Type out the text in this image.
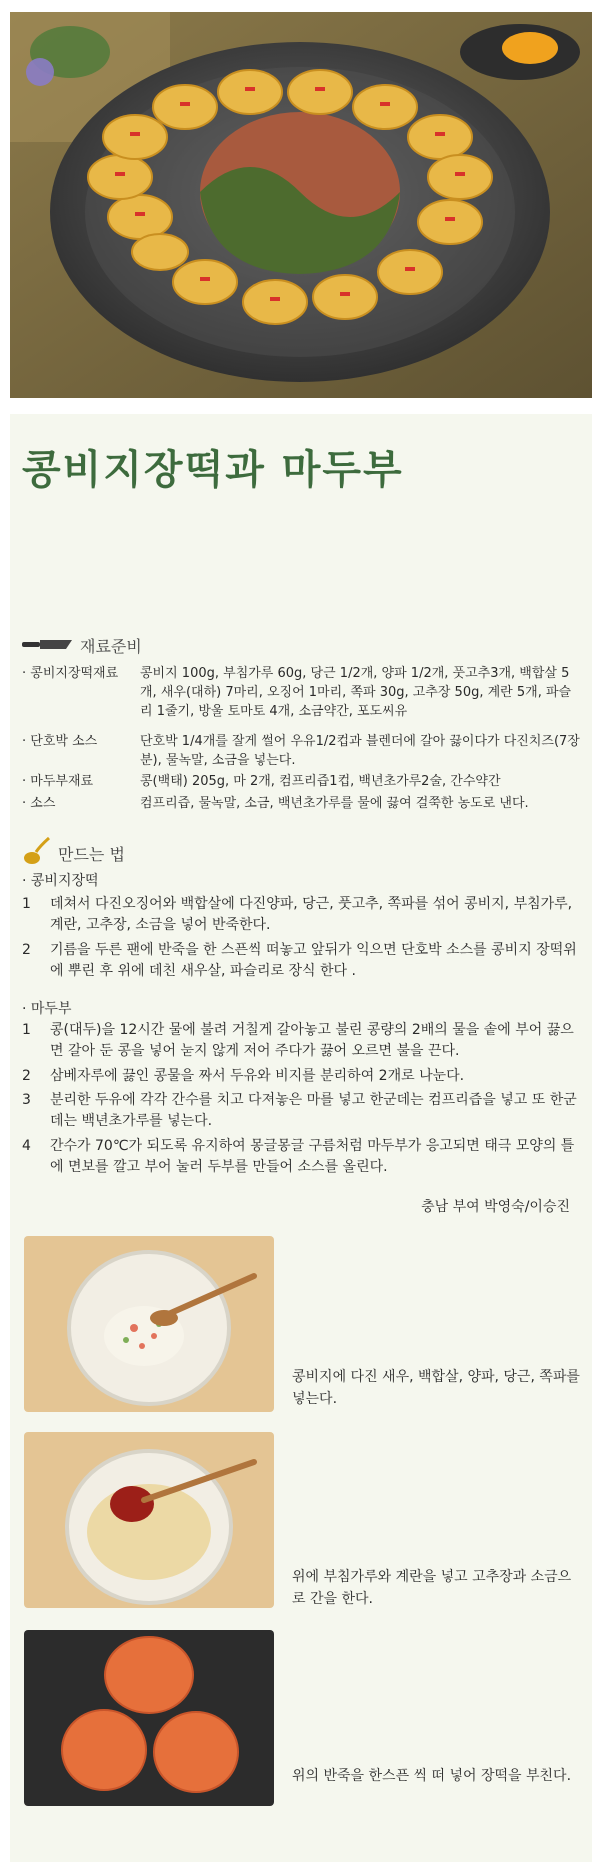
콩비지장떡과 마두부
재료준비
· 콩비지장떡재료	콩비지 100g, 부침가루 60g, 당근 1/2개, 양파 1/2개, 풋고추3개, 백합살 5개, 새우(대하) 7마리, 오징어 1마리, 쪽파 30g, 고추장 50g, 계란 5개, 파슬리 1줄기, 방울 토마토 4개, 소금약간, 포도씨유
· 단호박 소스	단호박 1/4개를 잘게 썰어 우유1/2컵과 블렌더에 갈아 끓이다가 다진치즈(7장분), 물녹말, 소금을 넣는다.
· 마두부재료	콩(백태) 205g, 마 2개, 컴프리즙1컵, 백년초가루2술, 간수약간
· 소스	컴프리즙, 물녹말, 소금, 백년초가루를 물에 끓여 걸쭉한 농도로 낸다.
만드는 법
· 콩비지장떡
1	데쳐서 다진오징어와 백합살에 다진양파, 당근, 풋고추, 쪽파를 섞어 콩비지, 부침가루, 계란, 고추장, 소금을 넣어 반죽한다.
2	기름을 두른 팬에 반죽을 한 스픈씩 떠놓고 앞뒤가 익으면 단호박 소스를 콩비지 장떡위에 뿌린 후 위에 데친 새우살, 파슬리로 장식 한다 .
· 마두부
1	콩(대두)을 12시간 물에 불려 거칠게 갈아놓고 불린 콩량의 2배의 물을 솥에 부어 끓으면 갈아 둔 콩을 넣어 눋지 않게 저어 주다가 끓어 오르면 불을 끈다.
2	삼베자루에 끓인 콩물을 짜서 두유와 비지를 분리하여 2개로 나눈다.
3	분리한 두유에 각각 간수를 치고 다져놓은 마를 넣고 한군데는 컴프리즙을 넣고 또 한군데는 백년초가루를 넣는다.
4	간수가 70℃가 되도록 유지하여 몽글몽글 구름처럼 마두부가 응고되면 태극 모양의 틀에 면보를 깔고 부어 눌러 두부를 만들어 소스를 올린다.
충남 부여 박영숙/이승진
콩비지에 다진 새우, 백합살, 양파, 당근, 쪽파를 넣는다.
위에 부침가루와 계란을 넣고 고추장과 소금으로 간을 한다.
위의 반죽을 한스픈 씩 떠 넣어 장떡을 부친다.
